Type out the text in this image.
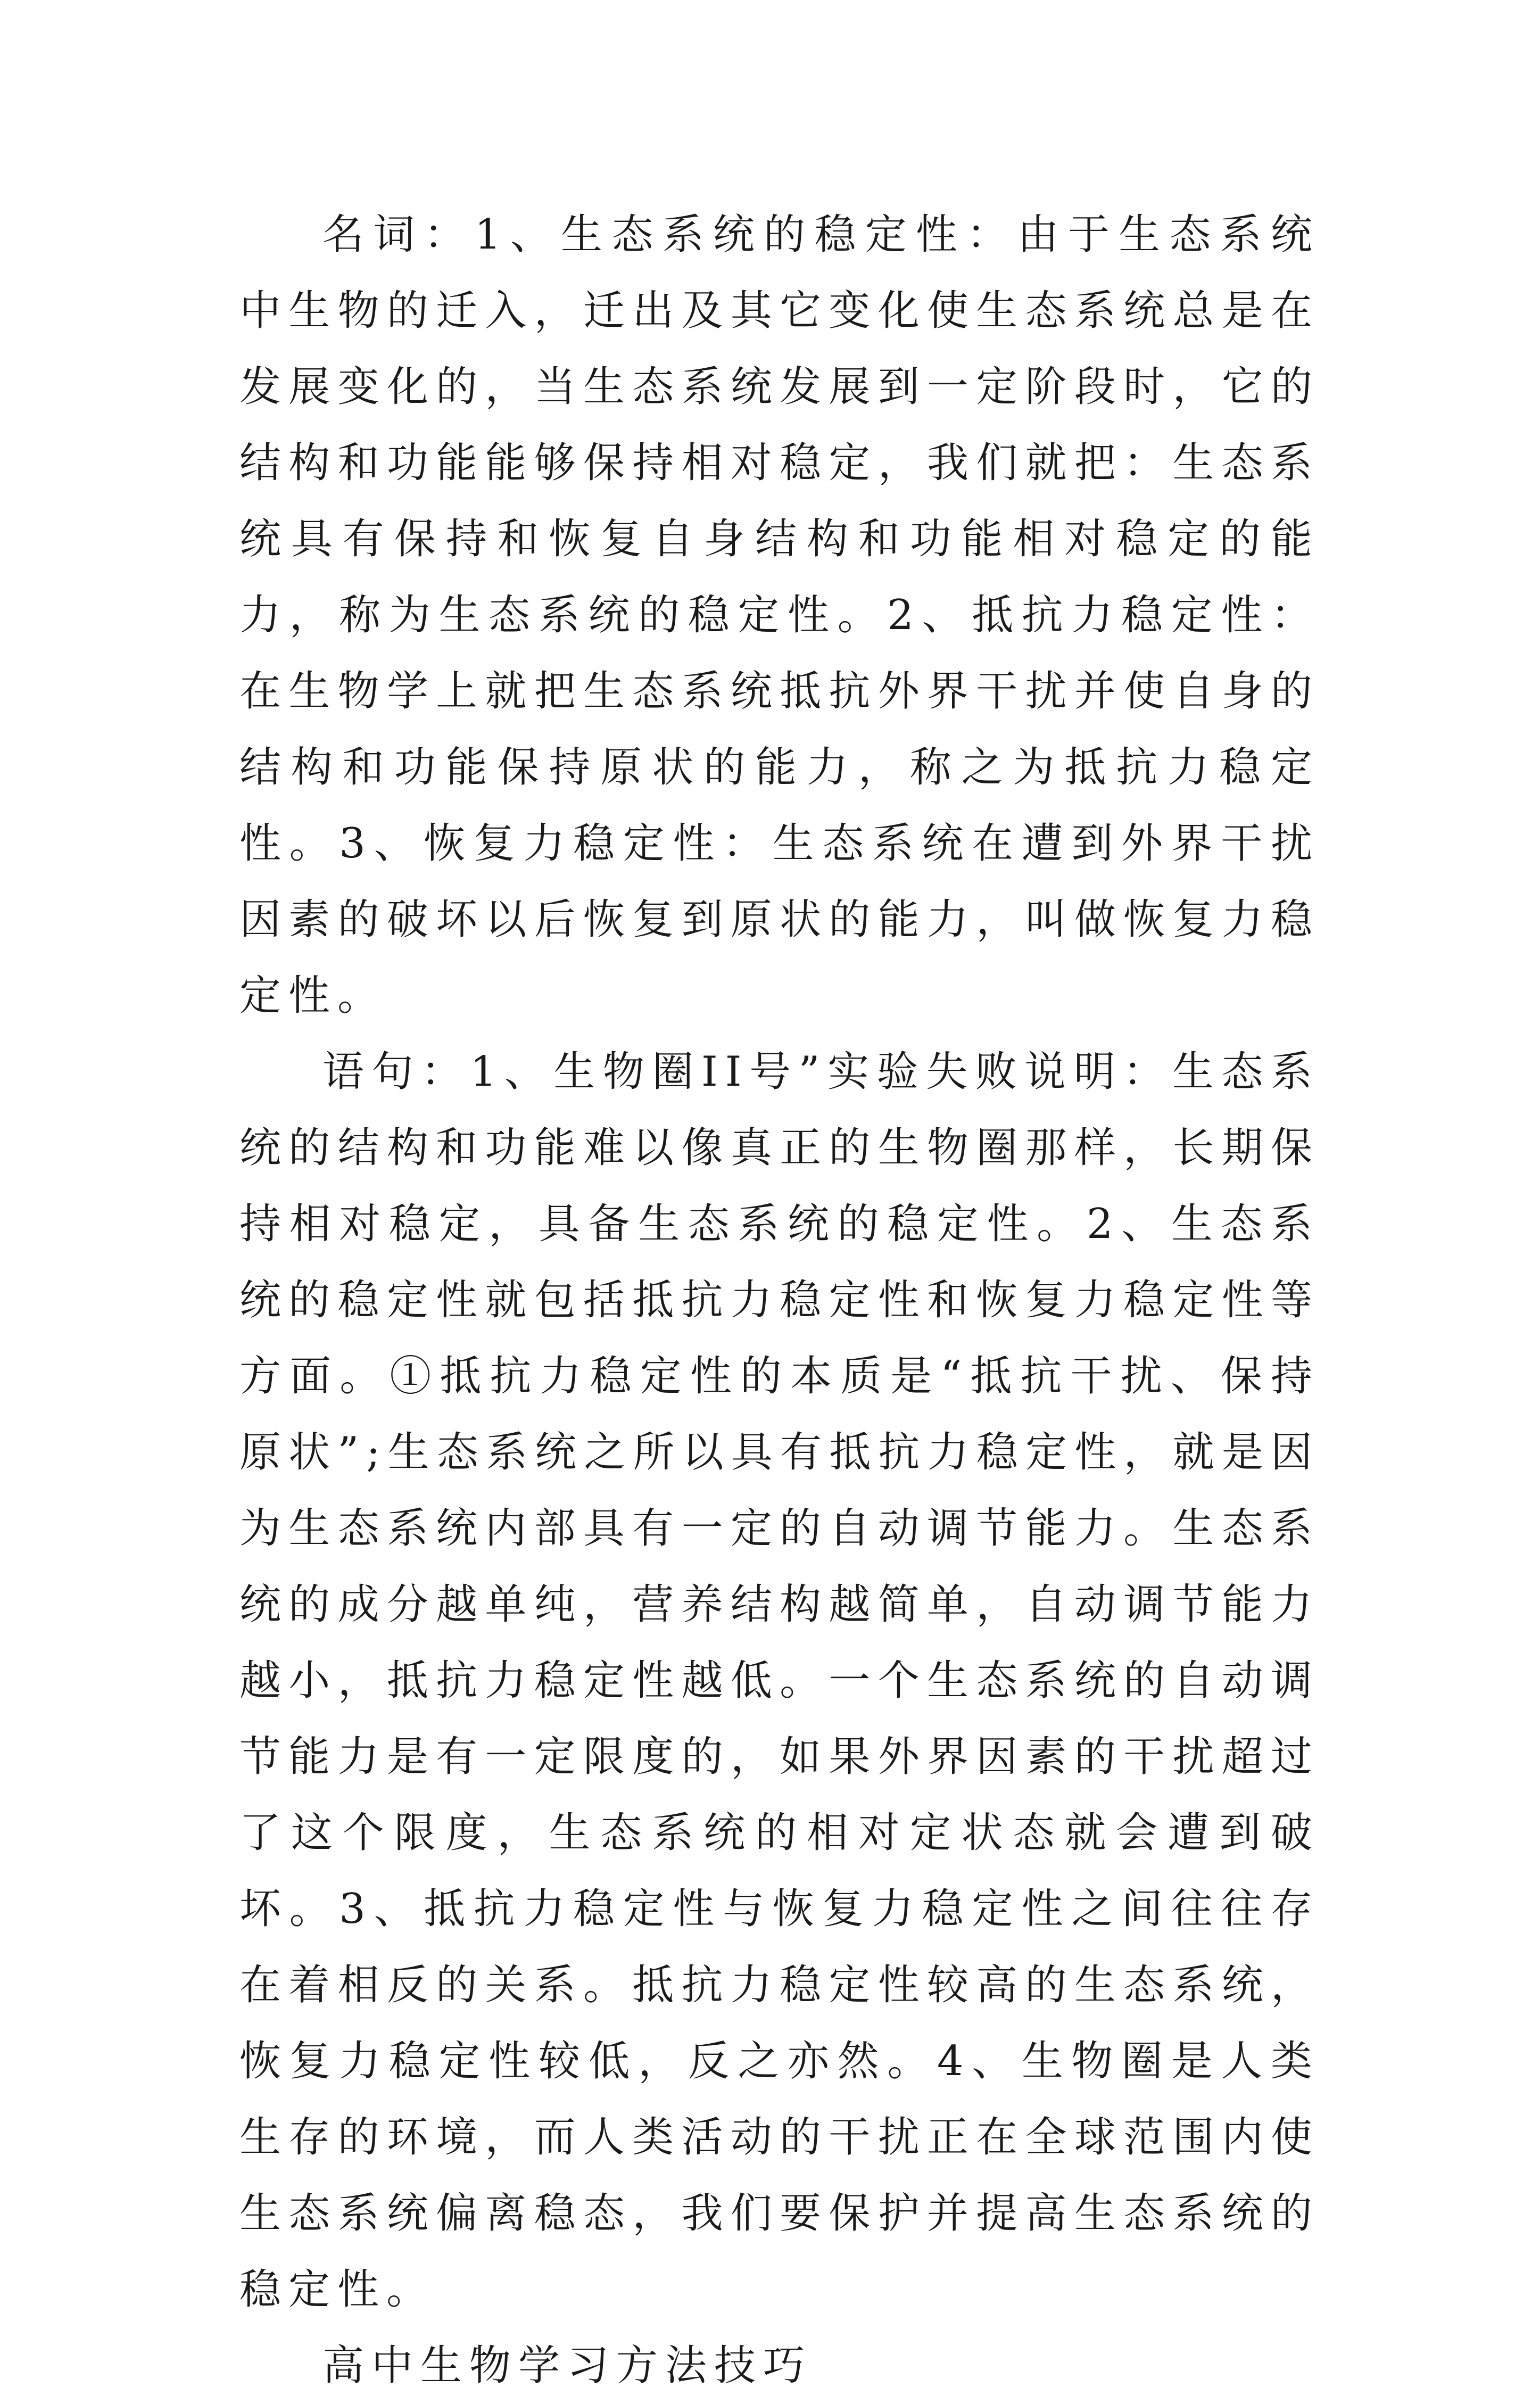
名词：1、生态系统的稳定性：由于生态系统中生物的迁入，迁出及其它变化使生态系统总是在发展变化的，当生态系统发展到一定阶段时，它的结构和功能能够保持相对稳定，我们就把：生态系统具有保持和恢复自身结构和功能相对稳定的能力，称为生态系统的稳定性。2、抵抗力稳定性：在生物学上就把生态系统抵抗外界干扰并使自身的结构和功能保持原状的能力，称之为抵抗力稳定性。3、恢复力稳定性：生态系统在遭到外界干扰因素的破坏以后恢复到原状的能力，叫做恢复力稳定性。

语句：1、生物圈II号”实验失败说明：生态系统的结构和功能难以像真正的生物圈那样，长期保持相对稳定，具备生态系统的稳定性。2、生态系统的稳定性就包括抵抗力稳定性和恢复力稳定性等方面。①抵抗力稳定性的本质是“抵抗干扰、保持原状”;生态系统之所以具有抵抗力稳定性，就是因为生态系统内部具有一定的自动调节能力。生态系统的成分越单纯，营养结构越简单，自动调节能力越小，抵抗力稳定性越低。一个生态系统的自动调节能力是有一定限度的，如果外界因素的干扰超过了这个限度，生态系统的相对定状态就会遭到破坏。3、抵抗力稳定性与恢复力稳定性之间往往存在着相反的关系。抵抗力稳定性较高的生态系统，恢复力稳定性较低，反之亦然。4、生物圈是人类生存的环境，而人类活动的干扰正在全球范围内使生态系统偏离稳态，我们要保护并提高生态系统的稳定性。

高中生物学习方法技巧
